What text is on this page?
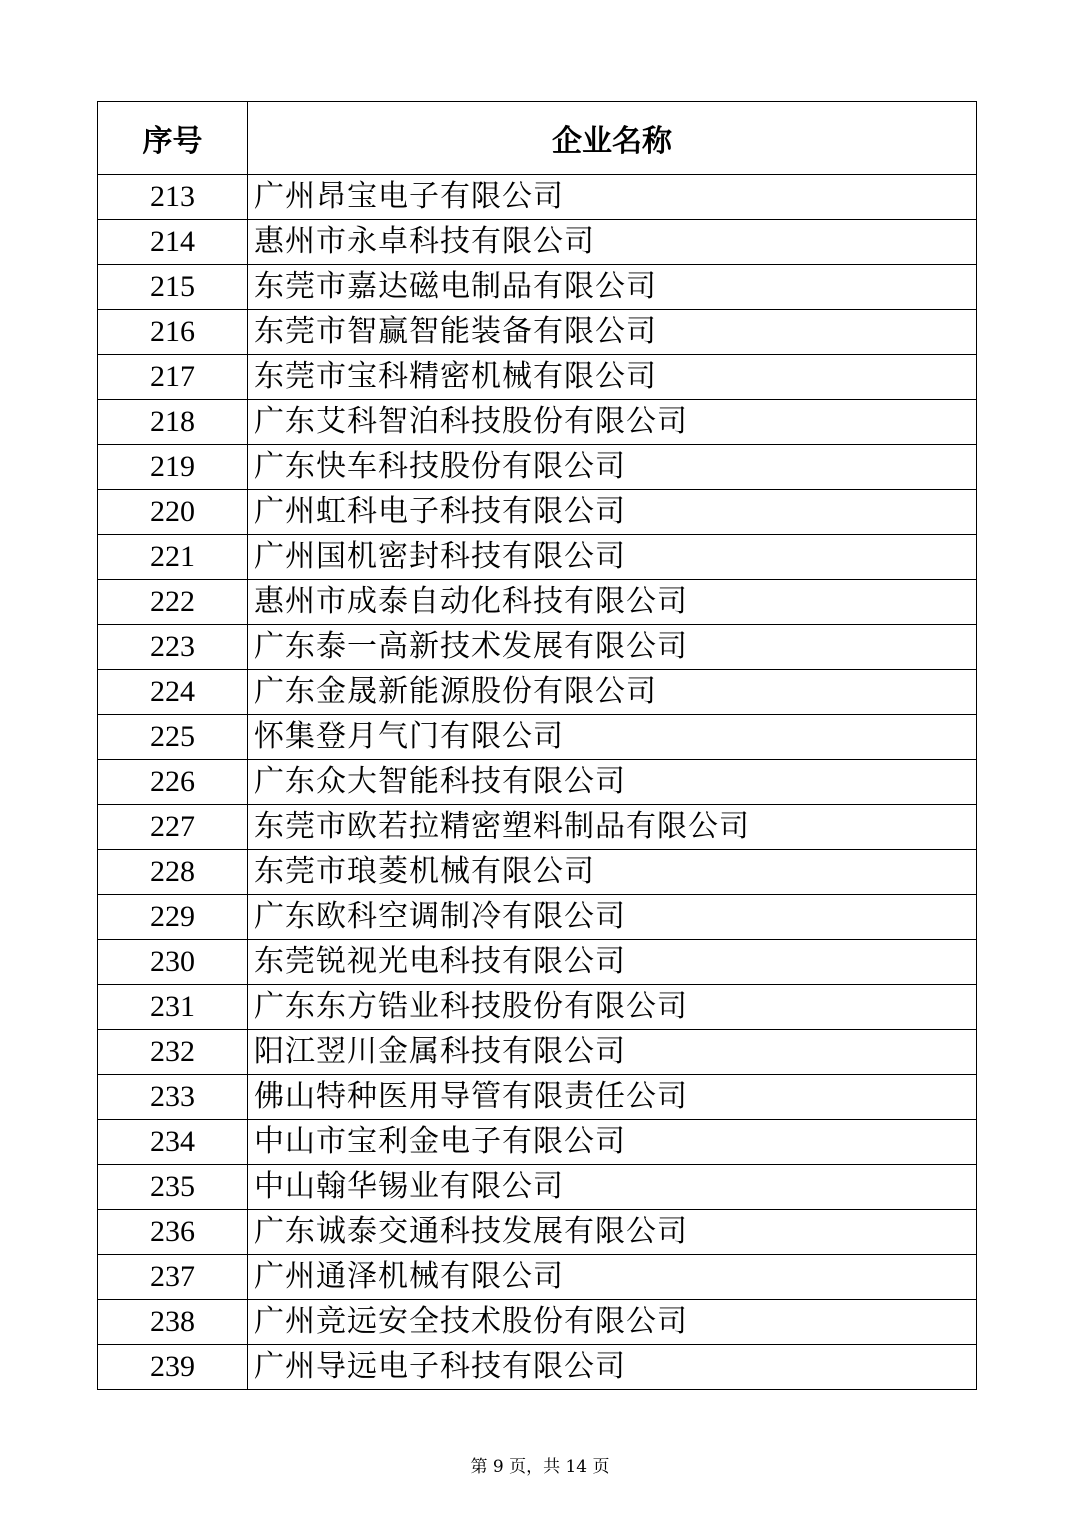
序号	企业名称
213	广州昂宝电子有限公司
214	惠州市永卓科技有限公司
215	东莞市嘉达磁电制品有限公司
216	东莞市智赢智能装备有限公司
217	东莞市宝科精密机械有限公司
218	广东艾科智泊科技股份有限公司
219	广东快车科技股份有限公司
220	广州虹科电子科技有限公司
221	广州国机密封科技有限公司
222	惠州市成泰自动化科技有限公司
223	广东泰一高新技术发展有限公司
224	广东金晟新能源股份有限公司
225	怀集登月气门有限公司
226	广东众大智能科技有限公司
227	东莞市欧若拉精密塑料制品有限公司
228	东莞市琅菱机械有限公司
229	广东欧科空调制冷有限公司
230	东莞锐视光电科技有限公司
231	广东东方锆业科技股份有限公司
232	阳江翌川金属科技有限公司
233	佛山特种医用导管有限责任公司
234	中山市宝利金电子有限公司
235	中山翰华锡业有限公司
236	广东诚泰交通科技发展有限公司
237	广州通泽机械有限公司
238	广州竞远安全技术股份有限公司
239	广州导远电子科技有限公司
第 9 页，共 14 页
